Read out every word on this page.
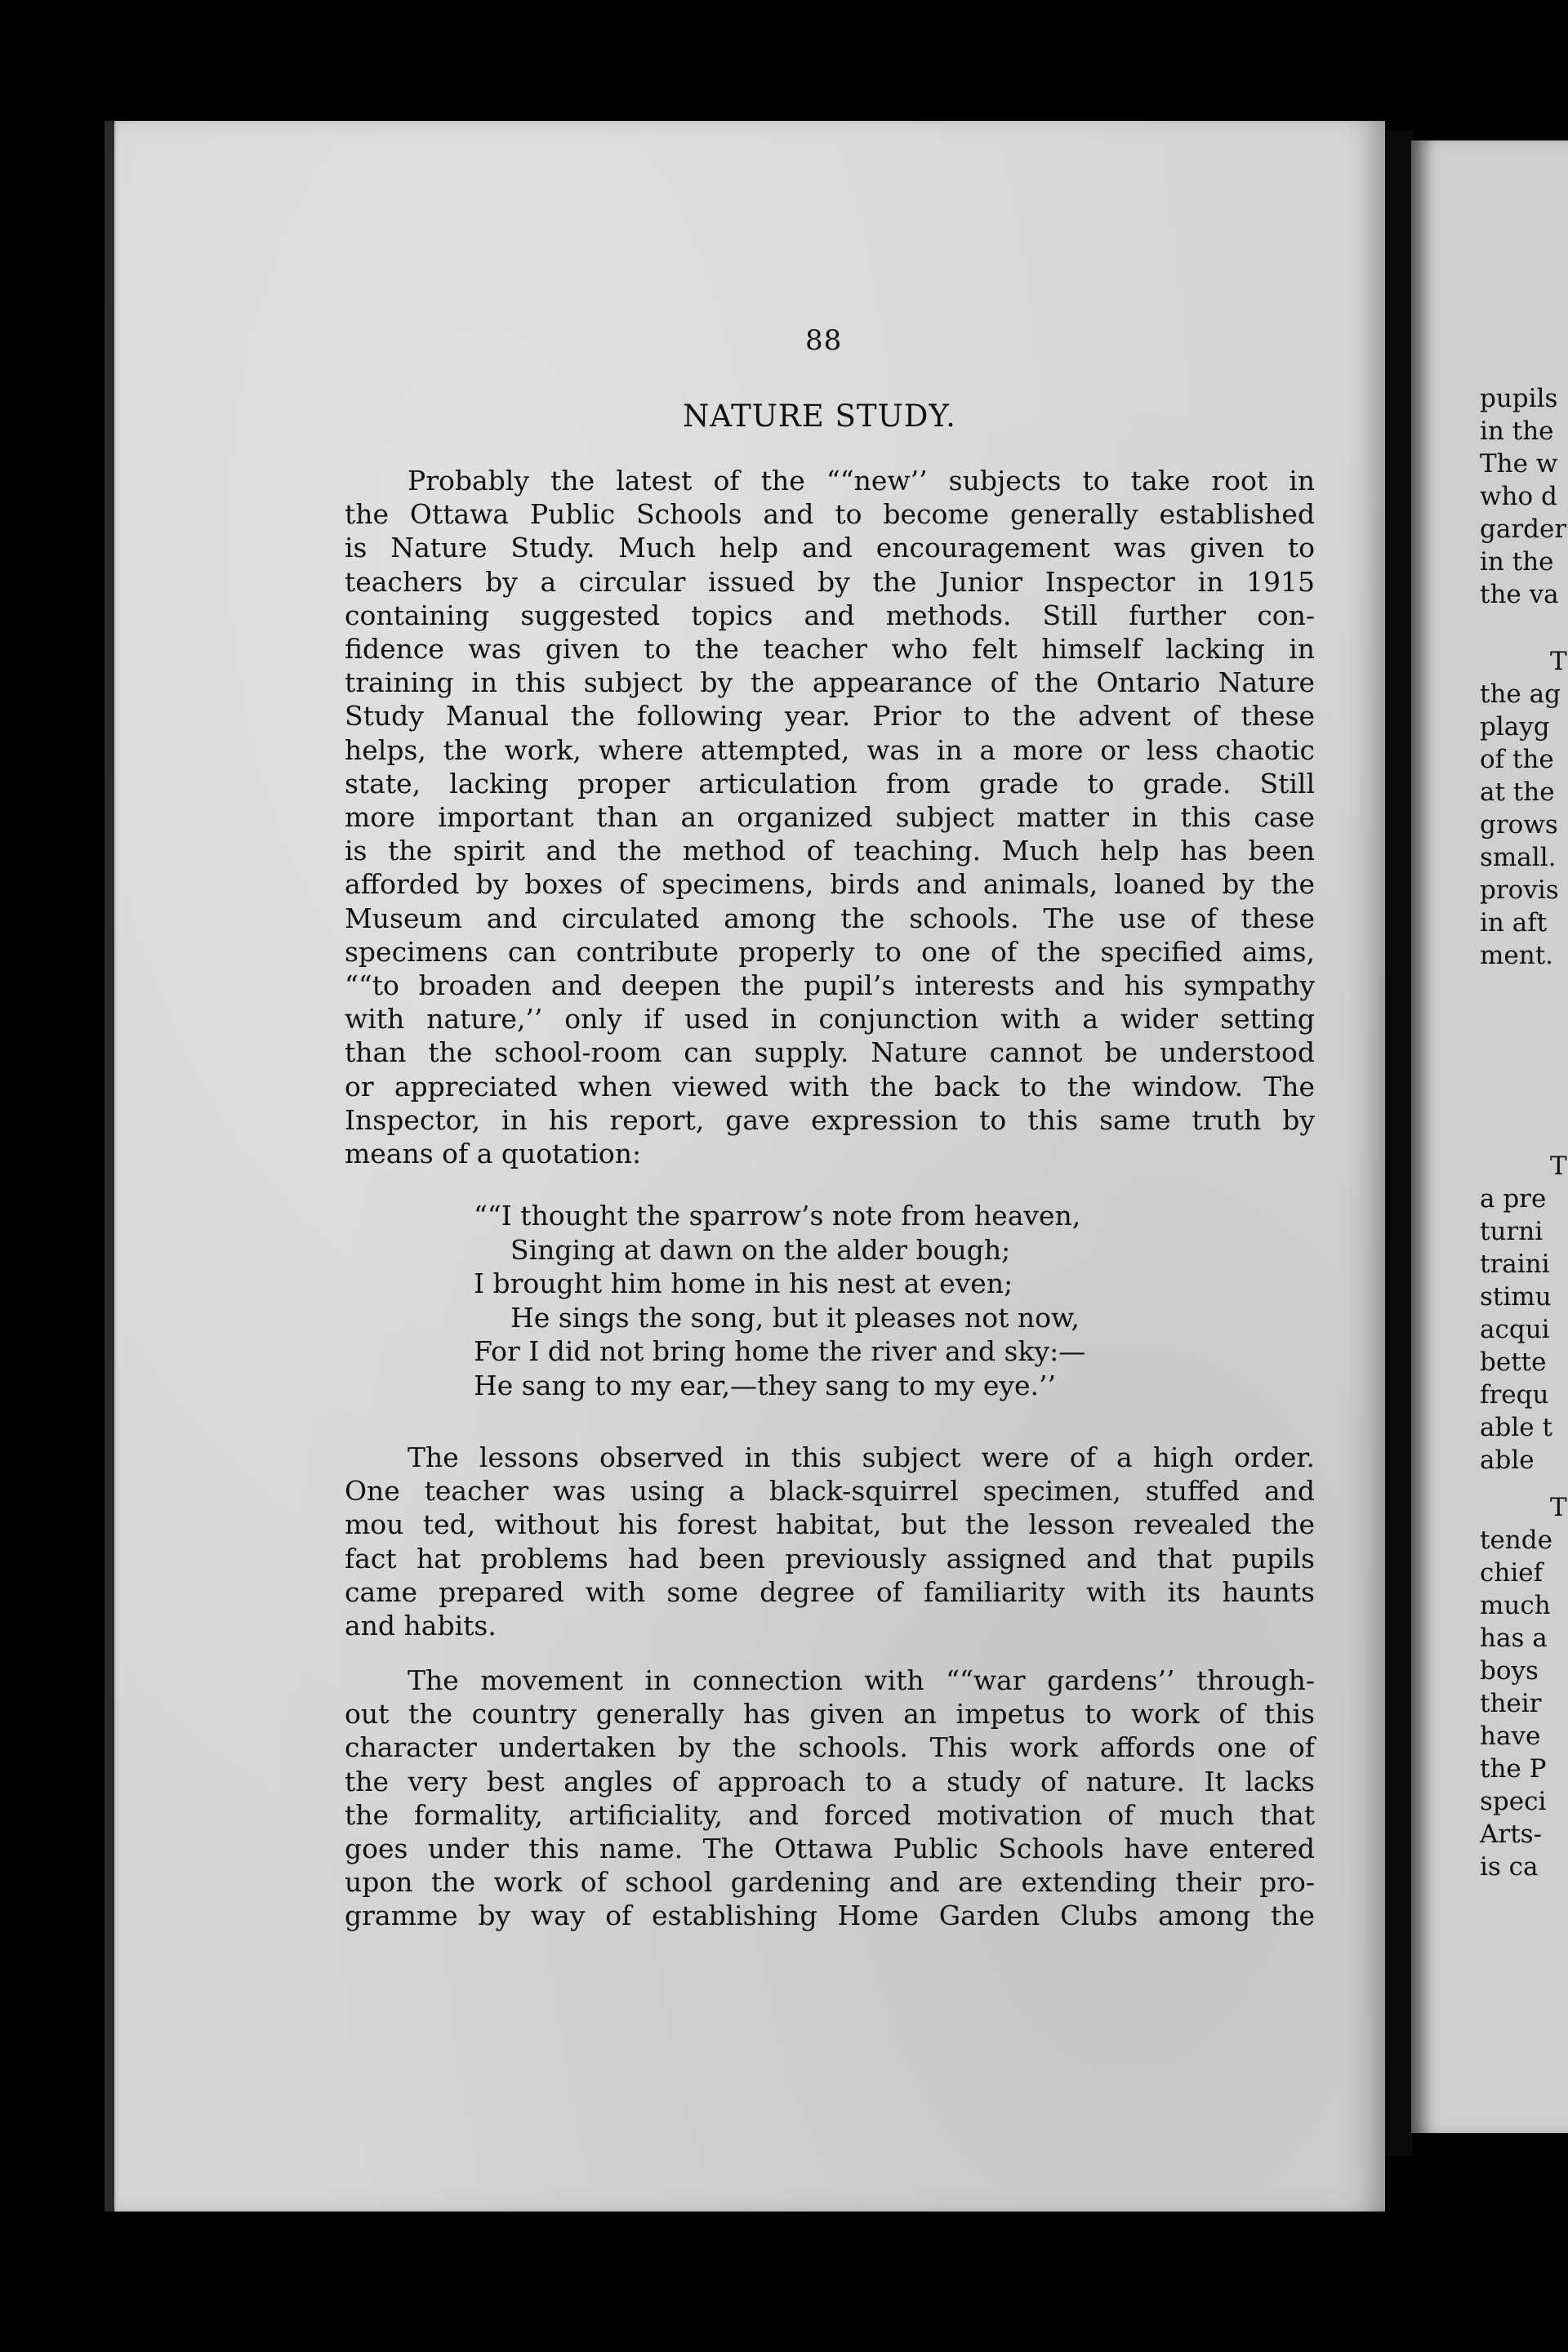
88
NATURE STUDY.
Probably the latest of the ““new’’ subjects to take root in
the Ottawa Public Schools and to become generally established
is Nature Study. Much help and encouragement was given to
teachers by a circular issued by the Junior Inspector in 1915
containing suggested topics and methods. Still further con-
fidence was given to the teacher who felt himself lacking in
training in this subject by the appearance of the Ontario Nature
Study Manual the following year. Prior to the advent of these
helps, the work, where attempted, was in a more or less chaotic
state, lacking proper articulation from grade to grade. Still
more important than an organized subject matter in this case
is the spirit and the method of teaching. Much help has been
afforded by boxes of specimens, birds and animals, loaned by the
Museum and circulated among the schools. The use of these
specimens can contribute properly to one of the specified aims,
““to broaden and deepen the pupil’s interests and his sympathy
with nature,’’ only if used in conjunction with a wider setting
than the school-room can supply. Nature cannot be understood
or appreciated when viewed with the back to the window. The
Inspector, in his report, gave expression to this same truth by
means of a quotation:
““I thought the sparrow’s note from heaven,
Singing at dawn on the alder bough;
I brought him home in his nest at even;
He sings the song, but it pleases not now,
For I did not bring home the river and sky:—
He sang to my ear,—they sang to my eye.’’
The lessons observed in this subject were of a high order.
One teacher was using a black-squirrel specimen, stuffed and
mou ted, without his forest habitat, but the lesson revealed the
fact hat problems had been previously assigned and that pupils
came prepared with some degree of familiarity with its haunts
and habits.
The movement in connection with ““war gardens’’ through-
out the country generally has given an impetus to work of this
character undertaken by the schools. This work affords one of
the very best angles of approach to a study of nature. It lacks
the formality, artificiality, and forced motivation of much that
goes under this name. The Ottawa Public Schools have entered
upon the work of school gardening and are extending their pro-
gramme by way of establishing Home Garden Clubs among the
pupils
in the
The w
who d
garder
in the
the va
T
the ag
playg
of the
at the
grows
small.
provis
in aft
ment.
T
a pre
turni
traini
stimu
acqui
bette
frequ
able t
able
T
tende
chief
much
has a
boys
their
have
the P
speci
Arts-
is ca
